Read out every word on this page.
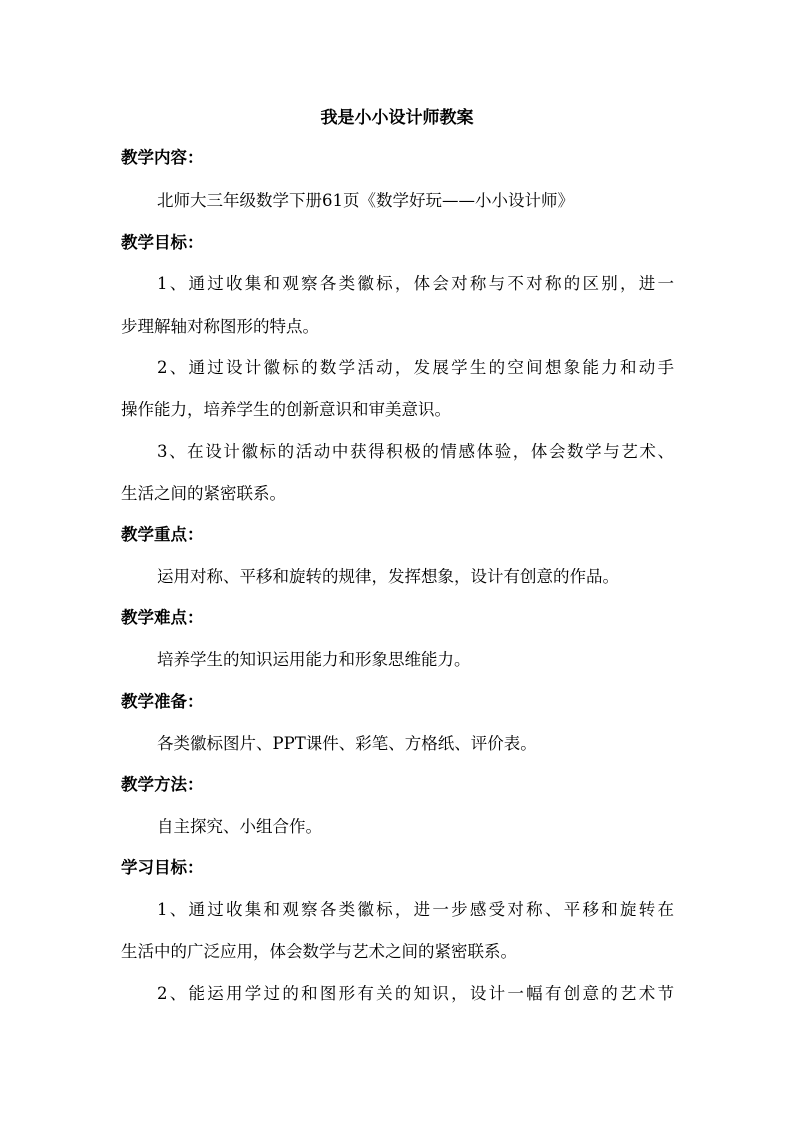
我是小小设计师教案
教学内容：
北师大三年级数学下册61页《数学好玩——小小设计师》
教学目标：
1、通过收集和观察各类徽标，体会对称与不对称的区别，进一
步理解轴对称图形的特点。
2、通过设计徽标的数学活动，发展学生的空间想象能力和动手
操作能力，培养学生的创新意识和审美意识。
3、在设计徽标的活动中获得积极的情感体验，体会数学与艺术、
生活之间的紧密联系。
教学重点：
运用对称、平移和旋转的规律，发挥想象，设计有创意的作品。
教学难点：
培养学生的知识运用能力和形象思维能力。
教学准备：
各类徽标图片、PPT课件、彩笔、方格纸、评价表。
教学方法：
自主探究、小组合作。
学习目标：
1、通过收集和观察各类徽标，进一步感受对称、平移和旋转在
生活中的广泛应用，体会数学与艺术之间的紧密联系。
2、能运用学过的和图形有关的知识，设计一幅有创意的艺术节
